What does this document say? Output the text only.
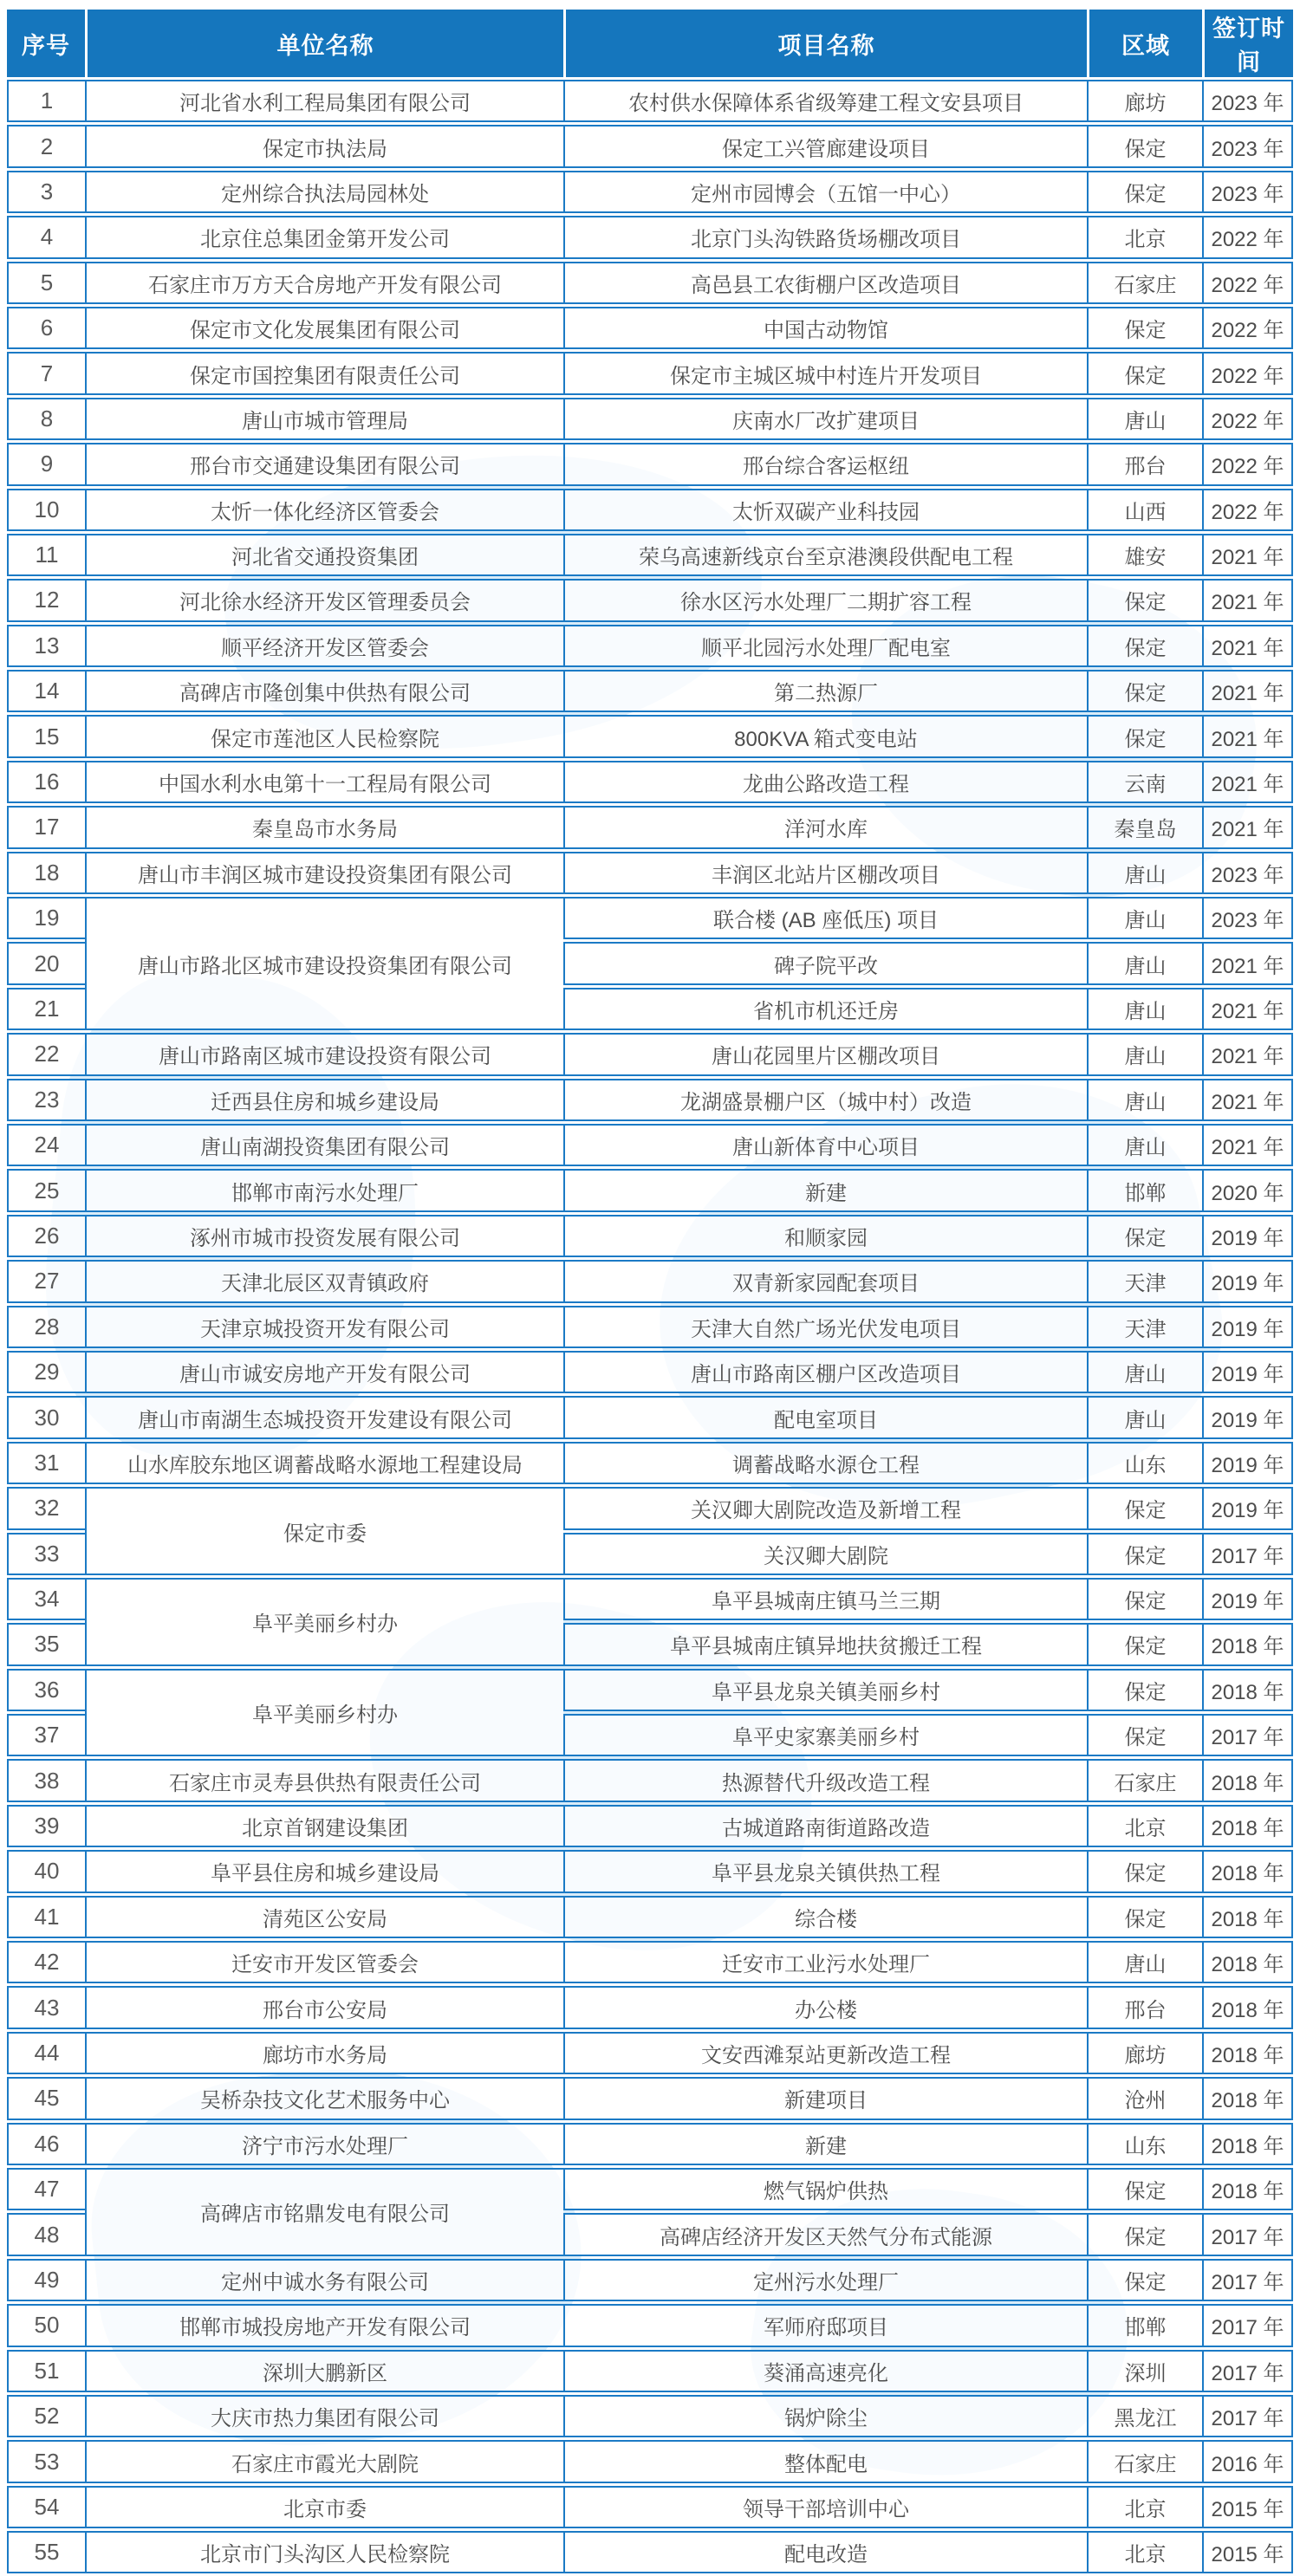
序号	单位名称	项目名称	区域	签订时间
1	河北省水利工程局集团有限公司	农村供水保障体系省级筹建工程文安县项目	廊坊	2023 年
2	保定市执法局	保定工兴管廊建设项目	保定	2023 年
3	定州综合执法局园林处	定州市园博会（五馆一中心）	保定	2023 年
4	北京住总集团金第开发公司	北京门头沟铁路货场棚改项目	北京	2022 年
5	石家庄市万方天合房地产开发有限公司	高邑县工农街棚户区改造项目	石家庄	2022 年
6	保定市文化发展集团有限公司	中国古动物馆	保定	2022 年
7	保定市国控集团有限责任公司	保定市主城区城中村连片开发项目	保定	2022 年
8	唐山市城市管理局	庆南水厂改扩建项目	唐山	2022 年
9	邢台市交通建设集团有限公司	邢台综合客运枢纽	邢台	2022 年
10	太忻一体化经济区管委会	太忻双碳产业科技园	山西	2022 年
11	河北省交通投资集团	荣乌高速新线京台至京港澳段供配电工程	雄安	2021 年
12	河北徐水经济开发区管理委员会	徐水区污水处理厂二期扩容工程	保定	2021 年
13	顺平经济开发区管委会	顺平北园污水处理厂配电室	保定	2021 年
14	高碑店市隆创集中供热有限公司	第二热源厂	保定	2021 年
15	保定市莲池区人民检察院	800KVA 箱式变电站	保定	2021 年
16	中国水利水电第十一工程局有限公司	龙曲公路改造工程	云南	2021 年
17	秦皇岛市水务局	洋河水库	秦皇岛	2021 年
18	唐山市丰润区城市建设投资集团有限公司	丰润区北站片区棚改项目	唐山	2023 年
19	唐山市路北区城市建设投资集团有限公司	联合楼 (AB 座低压) 项目	唐山	2023 年
20		碑子院平改	唐山	2021 年
21		省机市机还迁房	唐山	2021 年
22	唐山市路南区城市建设投资有限公司	唐山花园里片区棚改项目	唐山	2021 年
23	迁西县住房和城乡建设局	龙湖盛景棚户区（城中村）改造	唐山	2021 年
24	唐山南湖投资集团有限公司	唐山新体育中心项目	唐山	2021 年
25	邯郸市南污水处理厂	新建	邯郸	2020 年
26	涿州市城市投资发展有限公司	和顺家园	保定	2019 年
27	天津北辰区双青镇政府	双青新家园配套项目	天津	2019 年
28	天津京城投资开发有限公司	天津大自然广场光伏发电项目	天津	2019 年
29	唐山市诚安房地产开发有限公司	唐山市路南区棚户区改造项目	唐山	2019 年
30	唐山市南湖生态城投资开发建设有限公司	配电室项目	唐山	2019 年
31	山水库胶东地区调蓄战略水源地工程建设局	调蓄战略水源仓工程	山东	2019 年
32	保定市委	关汉卿大剧院改造及新增工程	保定	2019 年
33		关汉卿大剧院	保定	2017 年
34	阜平美丽乡村办	阜平县城南庄镇马兰三期	保定	2019 年
35		阜平县城南庄镇异地扶贫搬迁工程	保定	2018 年
36	阜平美丽乡村办	阜平县龙泉关镇美丽乡村	保定	2018 年
37		阜平史家寨美丽乡村	保定	2017 年
38	石家庄市灵寿县供热有限责任公司	热源替代升级改造工程	石家庄	2018 年
39	北京首钢建设集团	古城道路南街道路改造	北京	2018 年
40	阜平县住房和城乡建设局	阜平县龙泉关镇供热工程	保定	2018 年
41	清苑区公安局	综合楼	保定	2018 年
42	迁安市开发区管委会	迁安市工业污水处理厂	唐山	2018 年
43	邢台市公安局	办公楼	邢台	2018 年
44	廊坊市水务局	文安西滩泵站更新改造工程	廊坊	2018 年
45	吴桥杂技文化艺术服务中心	新建项目	沧州	2018 年
46	济宁市污水处理厂	新建	山东	2018 年
47	高碑店市铭鼎发电有限公司	燃气锅炉供热	保定	2018 年
48		高碑店经济开发区天然气分布式能源	保定	2017 年
49	定州中诚水务有限公司	定州污水处理厂	保定	2017 年
50	邯郸市城投房地产开发有限公司	军师府邸项目	邯郸	2017 年
51	深圳大鹏新区	葵涌高速亮化	深圳	2017 年
52	大庆市热力集团有限公司	锅炉除尘	黑龙江	2017 年
53	石家庄市霞光大剧院	整体配电	石家庄	2016 年
54	北京市委	领导干部培训中心	北京	2015 年
55	北京市门头沟区人民检察院	配电改造	北京	2015 年
